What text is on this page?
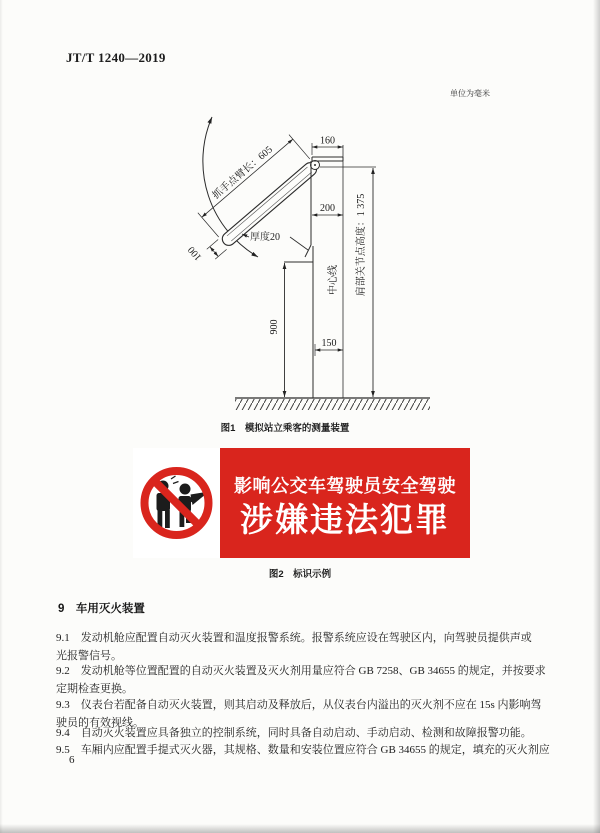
JT/T 1240—2019
单位为毫米
抓手点臂长：605
100
中心线
160
200
150
900
肩部关节点高度：1 375
厚度20
图1　模拟站立乘客的测量装置
影响公交车驾驶员安全驾驶
涉嫌违法犯罪
图2　标识示例
9　车用灭火装置
9.1　发动机舱应配置自动灭火装置和温度报警系统。报警系统应设在驾驶区内，向驾驶员提供声或
光报警信号。
9.2　发动机舱等位置配置的自动灭火装置及灭火剂用量应符合 GB 7258、GB 34655 的规定，并按要求
定期检查更换。
9.3　仪表台若配备自动灭火装置，则其启动及释放后，从仪表台内溢出的灭火剂不应在 15s 内影响驾
驶员的有效视线。
9.4　自动灭火装置应具备独立的控制系统，同时具备自动启动、手动启动、检测和故障报警功能。
9.5　车厢内应配置手提式灭火器，其规格、数量和安装位置应符合 GB 34655 的规定，填充的灭火剂应
6
